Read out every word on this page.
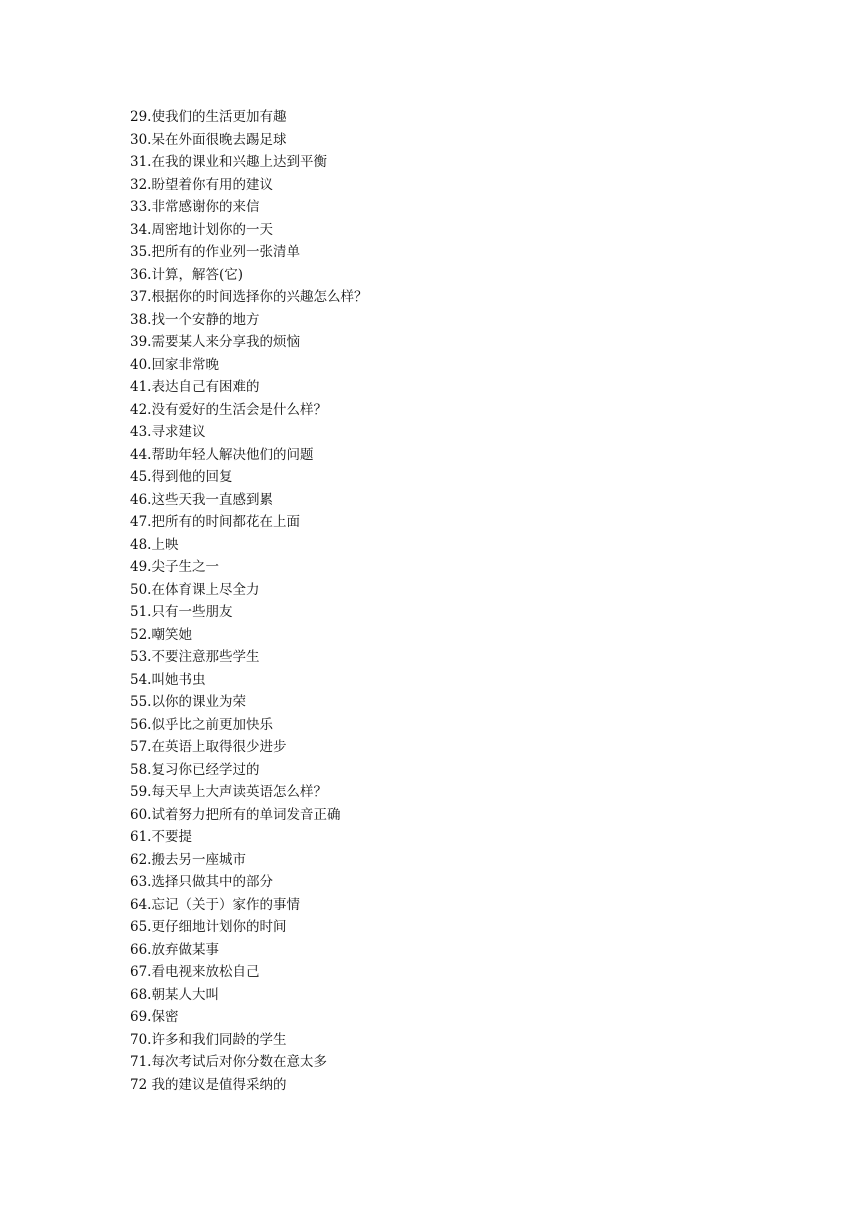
29.使我们的生活更加有趣
30.呆在外面很晚去踢足球
31.在我的课业和兴趣上达到平衡
32.盼望着你有用的建议
33.非常感谢你的来信
34.周密地计划你的一天
35.把所有的作业列一张清单
36.计算，解答(它)
37.根据你的时间选择你的兴趣怎么样？
38.找一个安静的地方
39.需要某人来分享我的烦恼
40.回家非常晚
41.表达自己有困难的
42.没有爱好的生活会是什么样？
43.寻求建议
44.帮助年轻人解决他们的问题
45.得到他的回复
46.这些天我一直感到累
47.把所有的时间都花在上面
48.上映
49.尖子生之一
50.在体育课上尽全力
51.只有一些朋友
52.嘲笑她
53.不要注意那些学生
54.叫她书虫
55.以你的课业为荣
56.似乎比之前更加快乐
57.在英语上取得很少进步
58.复习你已经学过的
59.每天早上大声读英语怎么样？
60.试着努力把所有的单词发音正确
61.不要提
62.搬去另一座城市
63.选择只做其中的部分
64.忘记（关于）家作的事情
65.更仔细地计划你的时间
66.放弃做某事
67.看电视来放松自己
68.朝某人大叫
69.保密
70.许多和我们同龄的学生
71.每次考试后对你分数在意太多
72 我的建议是值得采纳的
